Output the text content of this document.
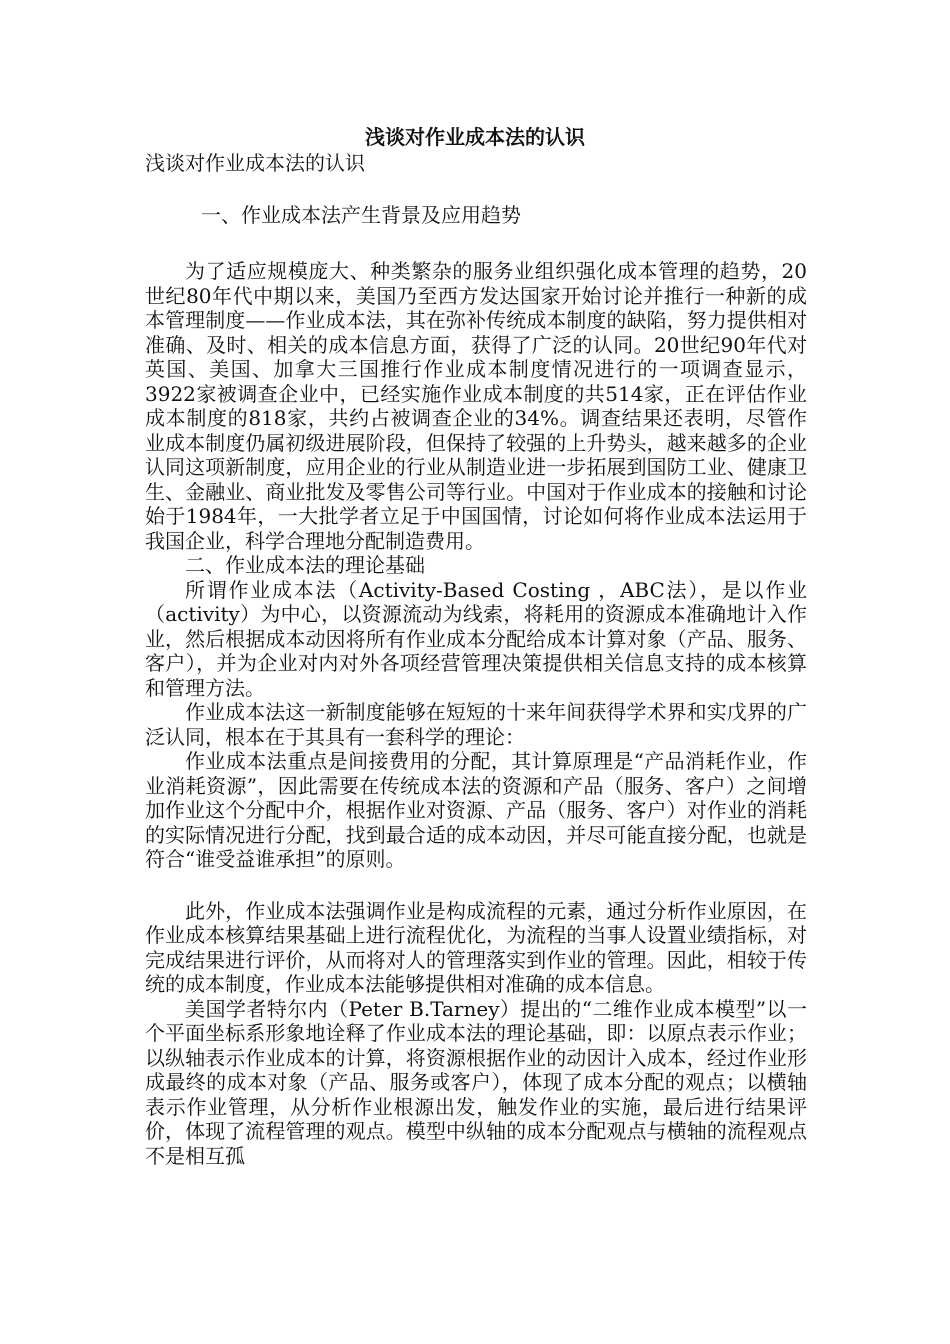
浅谈对作业成本法的认识

浅谈对作业成本法的认识

一、作业成本法产生背景及应用趋势

为了适应规模庞大、种类繁杂的服务业组织强化成本管理的趋势，20世纪80年代中期以来，美国乃至西方发达国家开始讨论并推行一种新的成本管理制度——作业成本法，其在弥补传统成本制度的缺陷，努力提供相对准确、及时、相关的成本信息方面，获得了广泛的认同。20世纪90年代对英国、美国、加拿大三国推行作业成本制度情况进行的一项调查显示，3922家被调查企业中，已经实施作业成本制度的共514家，正在评估作业成本制度的818家，共约占被调查企业的34%。调查结果还表明，尽管作业成本制度仍属初级进展阶段，但保持了较强的上升势头，越来越多的企业认同这项新制度，应用企业的行业从制造业进一步拓展到国防工业、健康卫生、金融业、商业批发及零售公司等行业。中国对于作业成本的接触和讨论始于1984年，一大批学者立足于中国国情，讨论如何将作业成本法运用于我国企业，科学合理地分配制造费用。

二、作业成本法的理论基础

所谓作业成本法（Activity-Based Costing ，ABC法），是以作业（activity）为中心，以资源流动为线索，将耗用的资源成本准确地计入作业，然后根据成本动因将所有作业成本分配给成本计算对象（产品、服务、客户），并为企业对内对外各项经营管理决策提供相关信息支持的成本核算和管理方法。

作业成本法这一新制度能够在短短的十来年间获得学术界和实戊界的广泛认同，根本在于其具有一套科学的理论：

作业成本法重点是间接费用的分配，其计算原理是“产品消耗作业，作业消耗资源”，因此需要在传统成本法的资源和产品（服务、客户）之间增加作业这个分配中介，根据作业对资源、产品（服务、客户）对作业的消耗的实际情况进行分配，找到最合适的成本动因，并尽可能直接分配，也就是符合“谁受益谁承担”的原则。

此外，作业成本法强调作业是构成流程的元素，通过分析作业原因，在作业成本核算结果基础上进行流程优化，为流程的当事人设置业绩指标，对完成结果进行评价，从而将对人的管理落实到作业的管理。因此，相较于传统的成本制度，作业成本法能够提供相对准确的成本信息。

美国学者特尔内（Peter B.Tarney）提出的“二维作业成本模型”以一个平面坐标系形象地诠释了作业成本法的理论基础，即：以原点表示作业；以纵轴表示作业成本的计算，将资源根据作业的动因计入成本，经过作业形成最终的成本对象（产品、服务或客户），体现了成本分配的观点；以横轴表示作业管理，从分析作业根源出发，触发作业的实施，最后进行结果评价，体现了流程管理的观点。模型中纵轴的成本分配观点与横轴的流程观点不是相互孤
